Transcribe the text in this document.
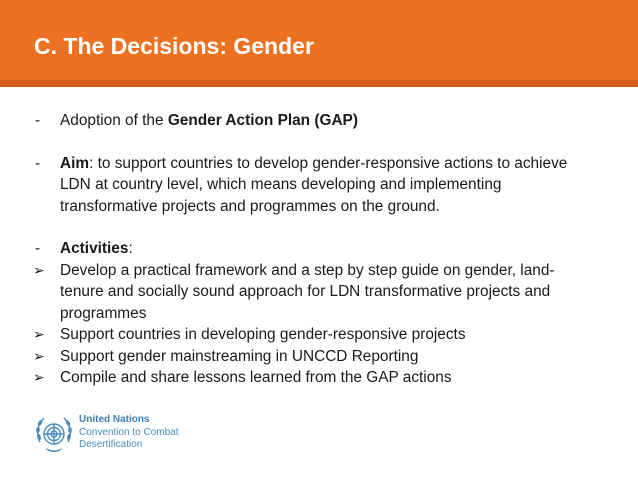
C. The Decisions: Gender
- Adoption of the Gender Action Plan (GAP)
- Aim: to support countries to develop gender-responsive actions to achieve
LDN at country level, which means developing and implementing
transformative projects and programmes on the ground.
- Activities:
➢ Develop a practical framework and a step by step guide on gender, land-
tenure and socially sound approach for LDN transformative projects and
programmes
➢ Support countries in developing gender-responsive projects
➢ Support gender mainstreaming in UNCCD Reporting
➢ Compile and share lessons learned from the GAP actions
United Nations
Convention to Combat
Desertification
